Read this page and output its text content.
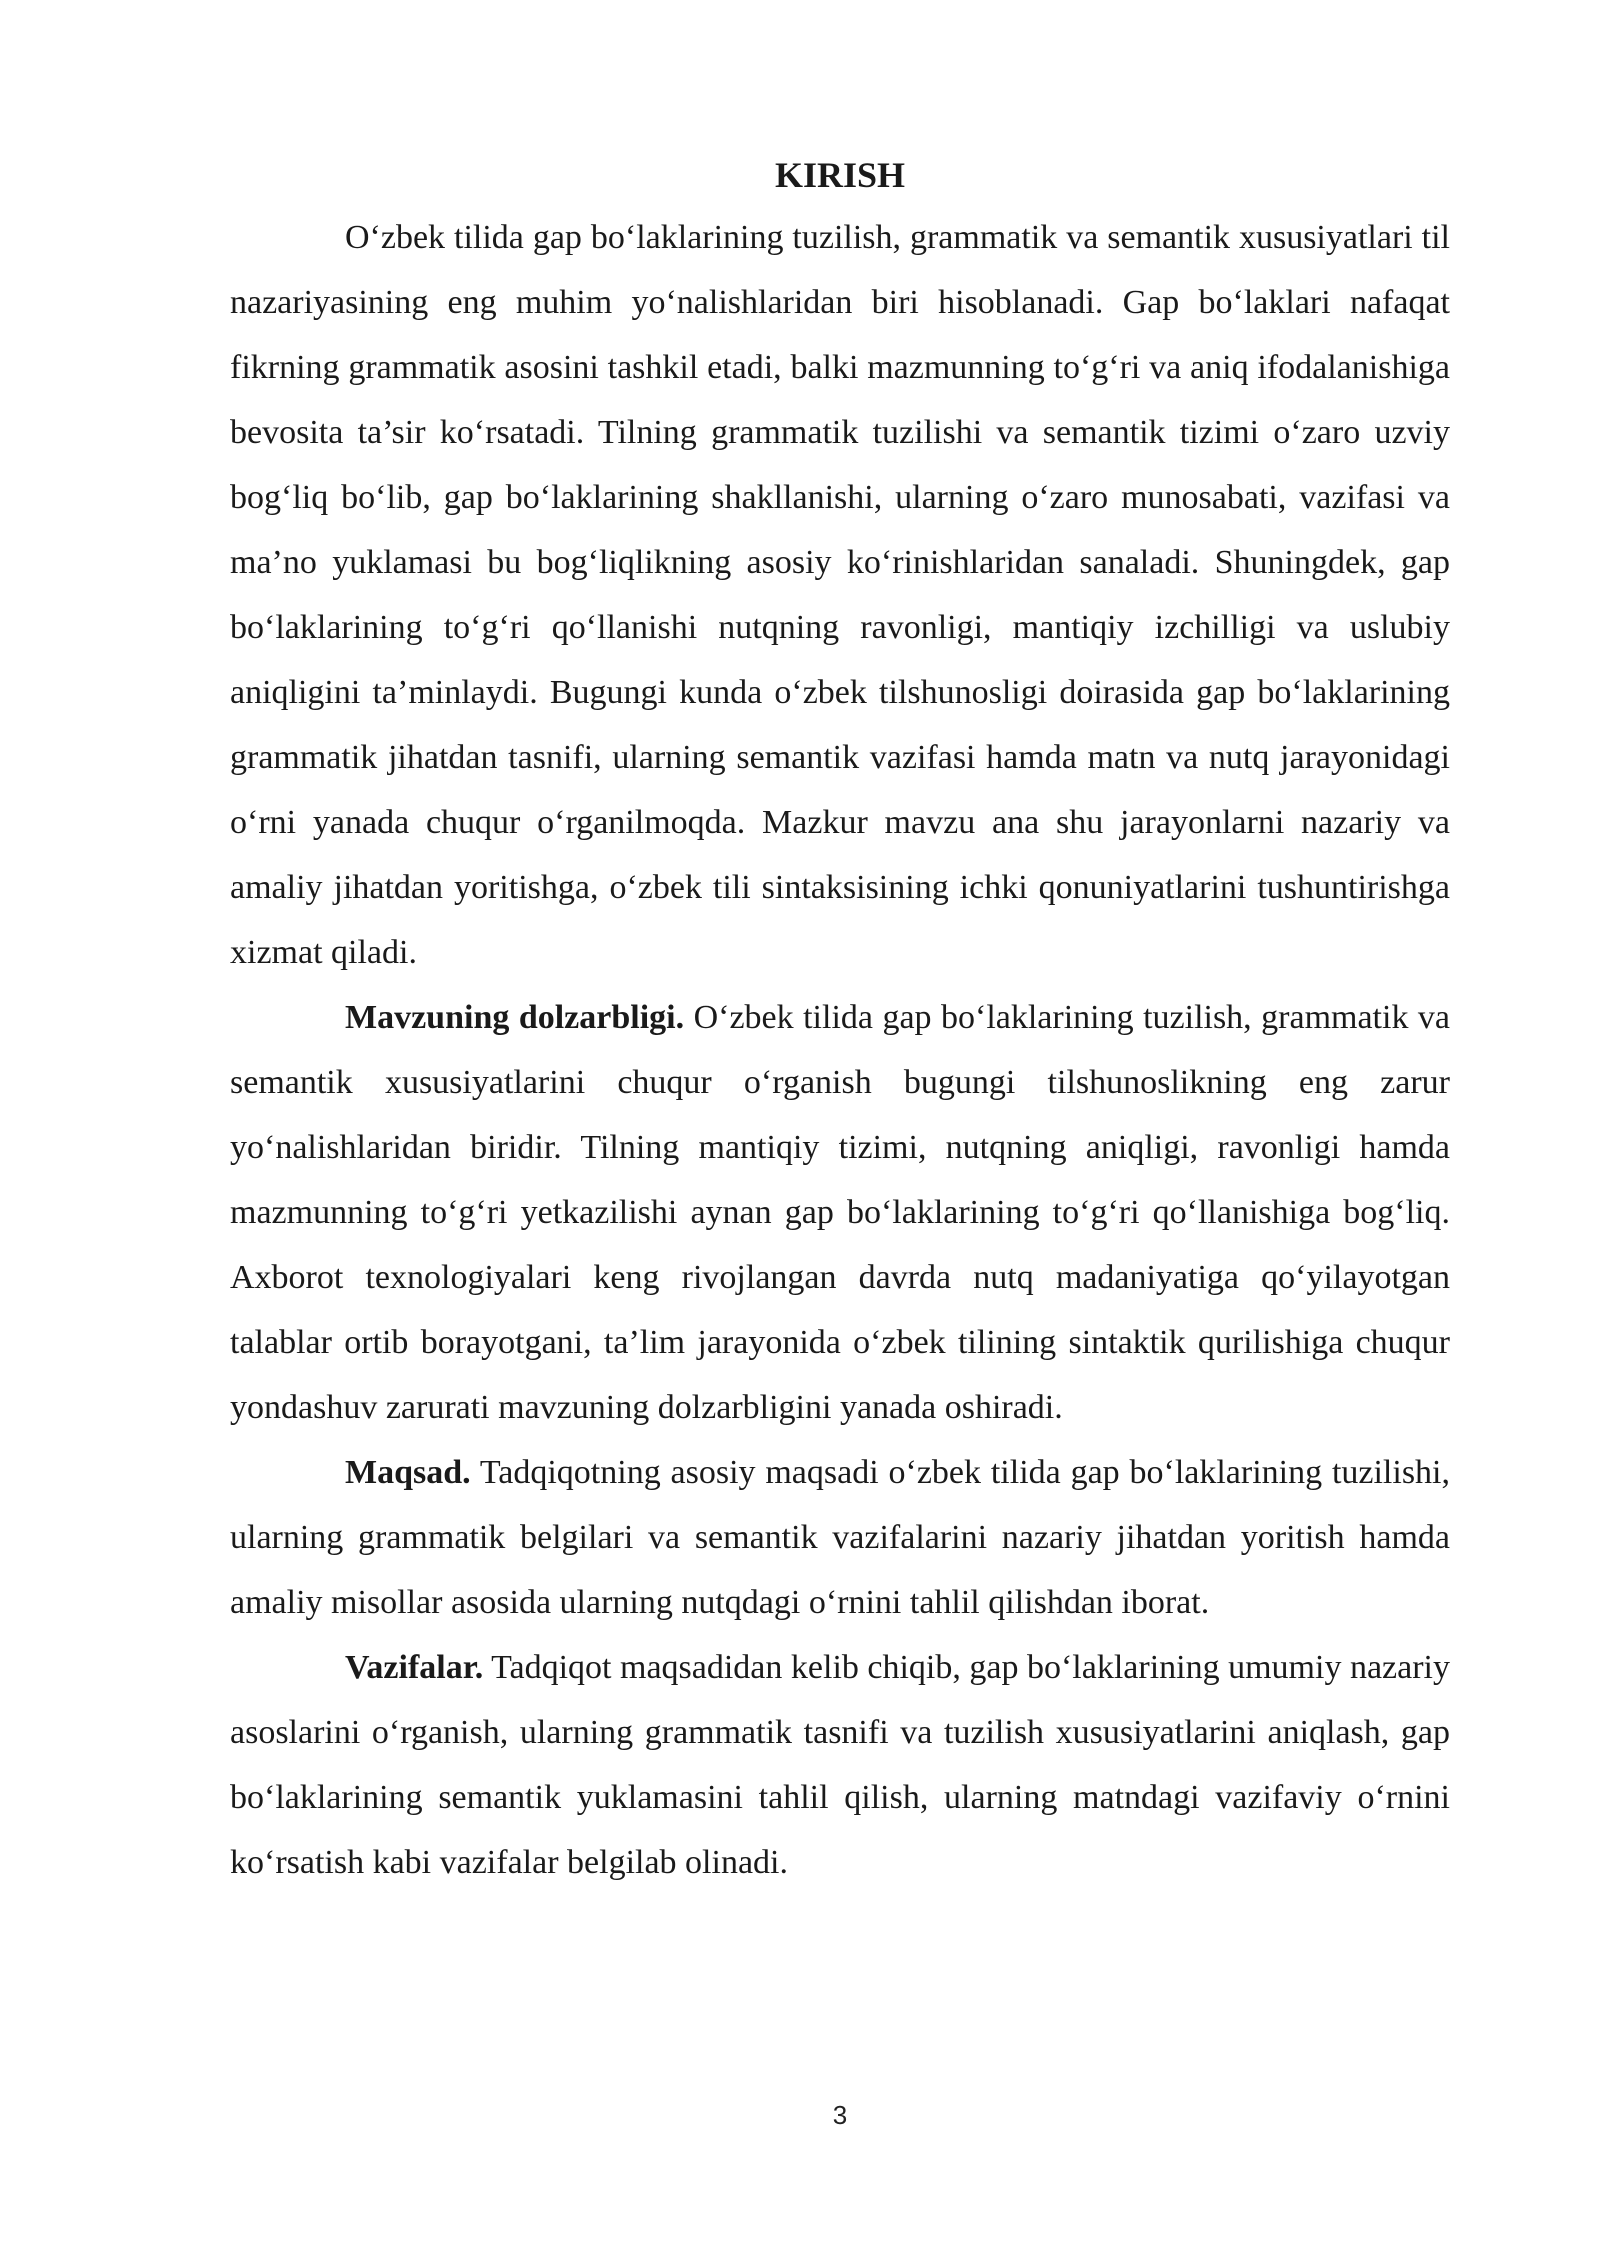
KIRISH

O‘zbek tilida gap bo‘laklarining tuzilish, grammatik va semantik xususiyatlari til nazariyasining eng muhim yo‘nalishlaridan biri hisoblanadi. Gap bo‘laklari nafaqat fikrning grammatik asosini tashkil etadi, balki mazmunning to‘g‘ri va aniq ifodalanishiga bevosita ta’sir ko‘rsatadi. Tilning grammatik tuzilishi va semantik tizimi o‘zaro uzviy bog‘liq bo‘lib, gap bo‘laklarining shakllanishi, ularning o‘zaro munosabati, vazifasi va ma’no yuklamasi bu bog‘liqlikning asosiy ko‘rinishlaridan sanaladi. Shuningdek, gap bo‘laklarining to‘g‘ri qo‘llanishi nutqning ravonligi, mantiqiy izchilligi va uslubiy aniqligini ta’minlaydi. Bugungi kunda o‘zbek tilshunosligi doirasida gap bo‘laklarining grammatik jihatdan tasnifi, ularning semantik vazifasi hamda matn va nutq jarayonidagi o‘rni yanada chuqur o‘rganilmoqda. Mazkur mavzu ana shu jarayonlarni nazariy va amaliy jihatdan yoritishga, o‘zbek tili sintaksisining ichki qonuniyatlarini tushuntirishga xizmat qiladi.

Mavzuning dolzarbligi. O‘zbek tilida gap bo‘laklarining tuzilish, grammatik va semantik xususiyatlarini chuqur o‘rganish bugungi tilshunoslikning eng zarur yo‘nalishlaridan biridir. Tilning mantiqiy tizimi, nutqning aniqligi, ravonligi hamda mazmunning to‘g‘ri yetkazilishi aynan gap bo‘laklarining to‘g‘ri qo‘llanishiga bog‘liq. Axborot texnologiyalari keng rivojlangan davrda nutq madaniyatiga qo‘yilayotgan talablar ortib borayotgani, ta’lim jarayonida o‘zbek tilining sintaktik qurilishiga chuqur yondashuv zarurati mavzuning dolzarbligini yanada oshiradi.

Maqsad. Tadqiqotning asosiy maqsadi o‘zbek tilida gap bo‘laklarining tuzilishi, ularning grammatik belgilari va semantik vazifalarini nazariy jihatdan yoritish hamda amaliy misollar asosida ularning nutqdagi o‘rnini tahlil qilishdan iborat.

Vazifalar. Tadqiqot maqsadidan kelib chiqib, gap bo‘laklarining umumiy nazariy asoslarini o‘rganish, ularning grammatik tasnifi va tuzilish xususiyatlarini aniqlash, gap bo‘laklarining semantik yuklamasini tahlil qilish, ularning matndagi vazifaviy o‘rnini ko‘rsatish kabi vazifalar belgilab olinadi.

3
